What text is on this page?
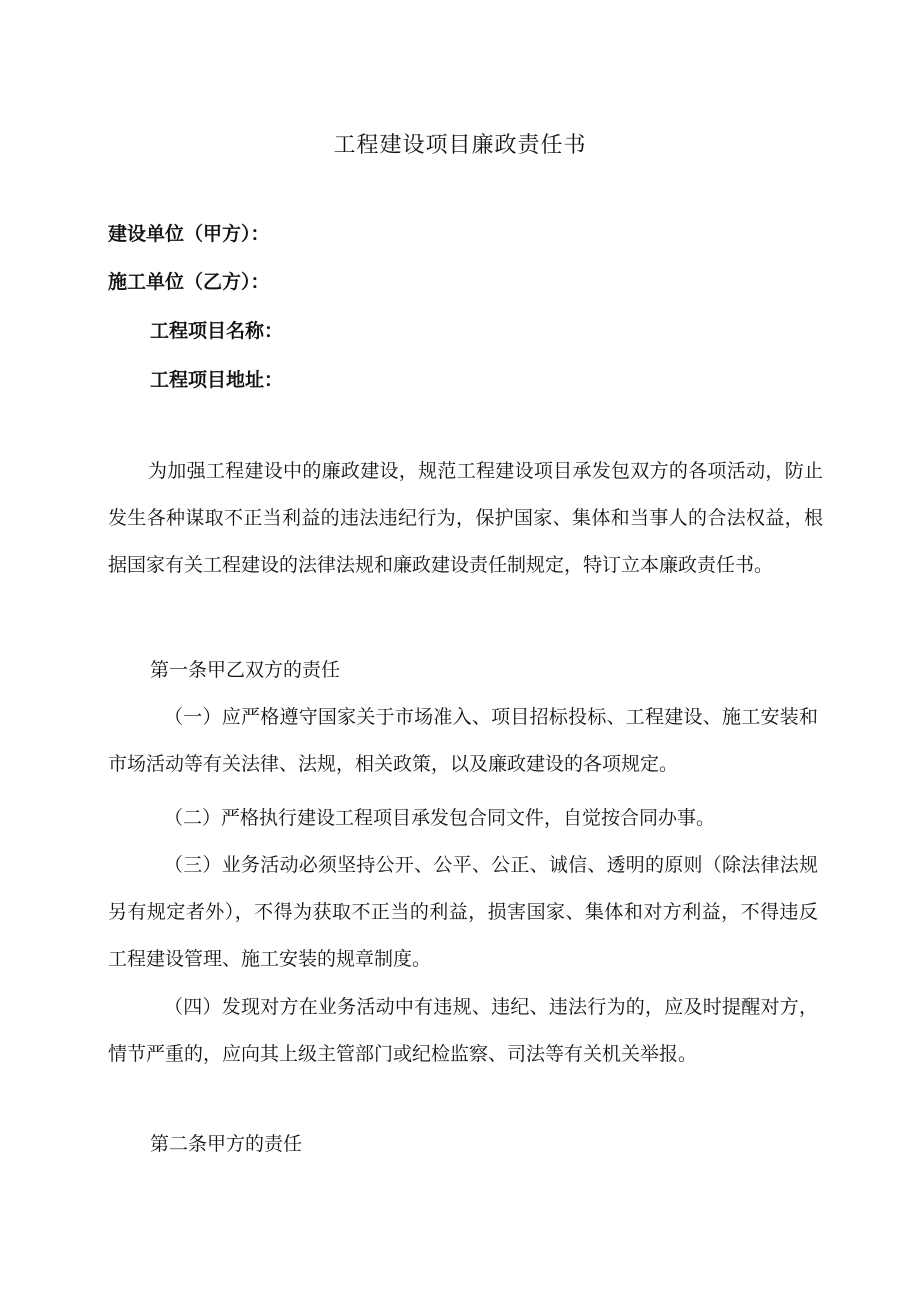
工程建设项目廉政责任书
建设单位（甲方）：
施工单位（乙方）：
工程项目名称：
工程项目地址：
为加强工程建设中的廉政建设，规范工程建设项目承发包双方的各项活动，防止发生各种谋取不正当利益的违法违纪行为，保护国家、集体和当事人的合法权益，根据国家有关工程建设的法律法规和廉政建设责任制规定，特订立本廉政责任书。
第一条甲乙双方的责任
（一）应严格遵守国家关于市场准入、项目招标投标、工程建设、施工安装和市场活动等有关法律、法规，相关政策，以及廉政建设的各项规定。
（二）严格执行建设工程项目承发包合同文件，自觉按合同办事。
（三）业务活动必须坚持公开、公平、公正、诚信、透明的原则（除法律法规另有规定者外），不得为获取不正当的利益，损害国家、集体和对方利益，不得违反工程建设管理、施工安装的规章制度。
（四）发现对方在业务活动中有违规、违纪、违法行为的，应及时提醒对方，情节严重的，应向其上级主管部门或纪检监察、司法等有关机关举报。
第二条甲方的责任
